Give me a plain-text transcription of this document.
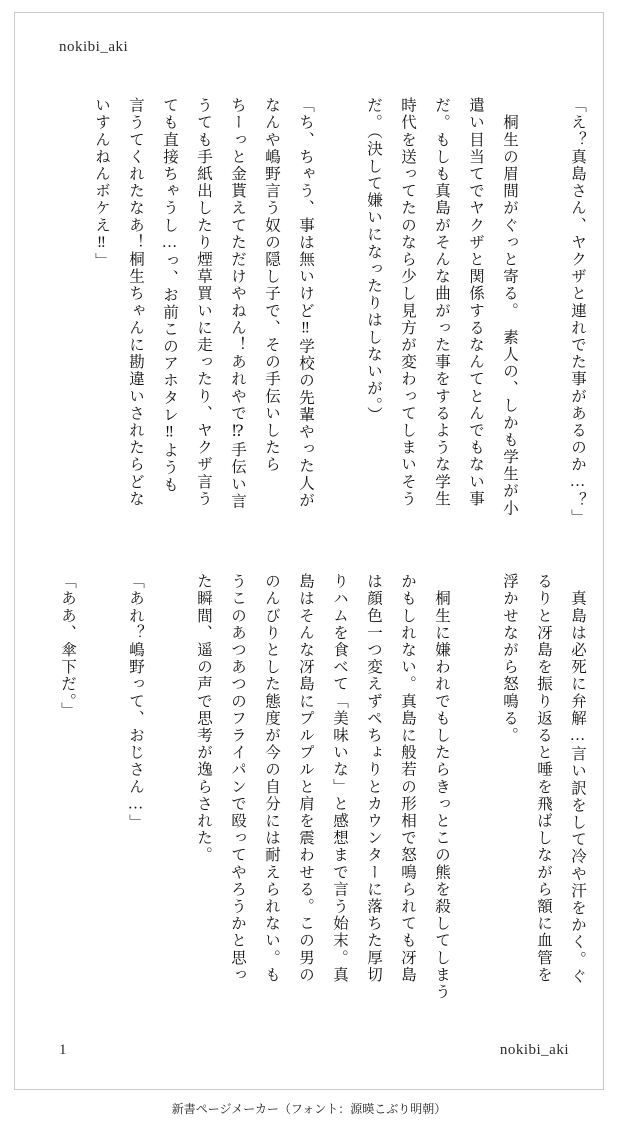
nokibi_aki
「え？真島さん、ヤクザと連れでた事があるのか…？」
　桐生の眉間がぐっと寄る。　素人の、しかも学生が小
遣い目当てでヤクザと関係するなんてとんでもない事
だ。もしも真島がそんな曲がった事をするような学生
時代を送ってたのなら少し見方が変わってしまいそう
だ。（決して嫌いになったりはしないが。）
「ち、ちゃう、事は無いけど‼学校の先輩やった人が
なんや嶋野言う奴の隠し子で、その手伝いしたら
ちーっと金貰えてただけやねん！あれやで⁉手伝い言
うても手紙出したり煙草買いに走ったり、ヤクザ言う
ても直接ちゃうし…っ、お前このアホタレ‼ようも
言うてくれたなあ！桐生ちゃんに勘違いされたらどな
いすんねんボケえ‼」
　真島は必死に弁解…言い訳をして冷や汗をかく。ぐ
るりと冴島を振り返ると唾を飛ばしながら額に血管を
浮かせながら怒鳴る。
　桐生に嫌われでもしたらきっとこの熊を殺してしまう
かもしれない。真島に般若の形相で怒鳴られても冴島
は顔色一つ変えずぺちょりとカウンターに落ちた厚切
りハムを食べて「美味いな」と感想まで言う始末。真
島はそんな冴島にプルプルと肩を震わせる。この男の
のんびりとした態度が今の自分には耐えられない。も
うこのあつあつのフライパンで殴ってやろうかと思っ
た瞬間、遥の声で思考が逸らされた。
「あれ？嶋野って、おじさん…」
「ああ、傘下だ。」
1	nokibi_aki
新書ページメーカー（フォント：源暎こぶり明朝）
